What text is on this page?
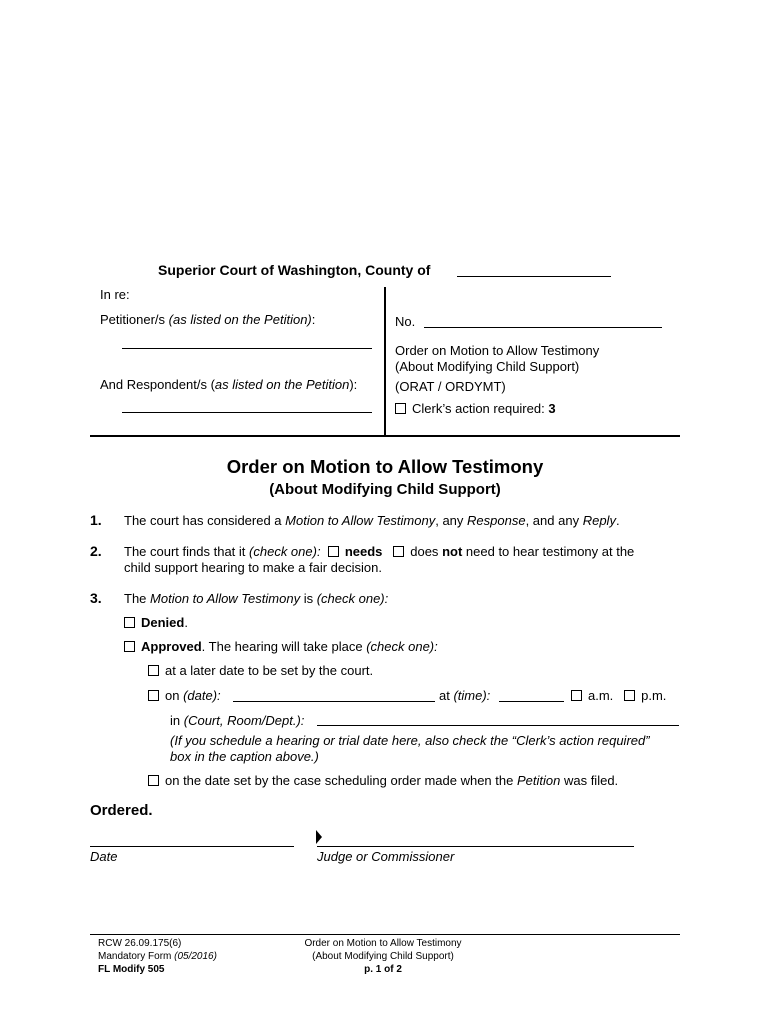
Superior Court of Washington, County of
In re:
Petitioner/s (as listed on the Petition):
And Respondent/s (as listed on the Petition):
No.
Order on Motion to Allow Testimony
(About Modifying Child Support)
(ORAT / ORDYMT)
Clerk’s action required: 3
Order on Motion to Allow Testimony
(About Modifying Child Support)
1. The court has considered a Motion to Allow Testimony, any Response, and any Reply.
2. The court finds that it (check one): needs does not need to hear testimony at the
child support hearing to make a fair decision.
3. The Motion to Allow Testimony is (check one):
Denied.
Approved. The hearing will take place (check one):
at a later date to be set by the court.
on (date):	at (time):	a.m. p.m.
in (Court, Room/Dept.):
(If you schedule a hearing or trial date here, also check the “Clerk’s action required”
box in the caption above.)
on the date set by the case scheduling order made when the Petition was filed.
Ordered.
Date	Judge or Commissioner
RCW 26.09.175(6)
Mandatory Form (05/2016)
FL Modify 505
Order on Motion to Allow Testimony
(About Modifying Child Support)
p. 1 of 2
